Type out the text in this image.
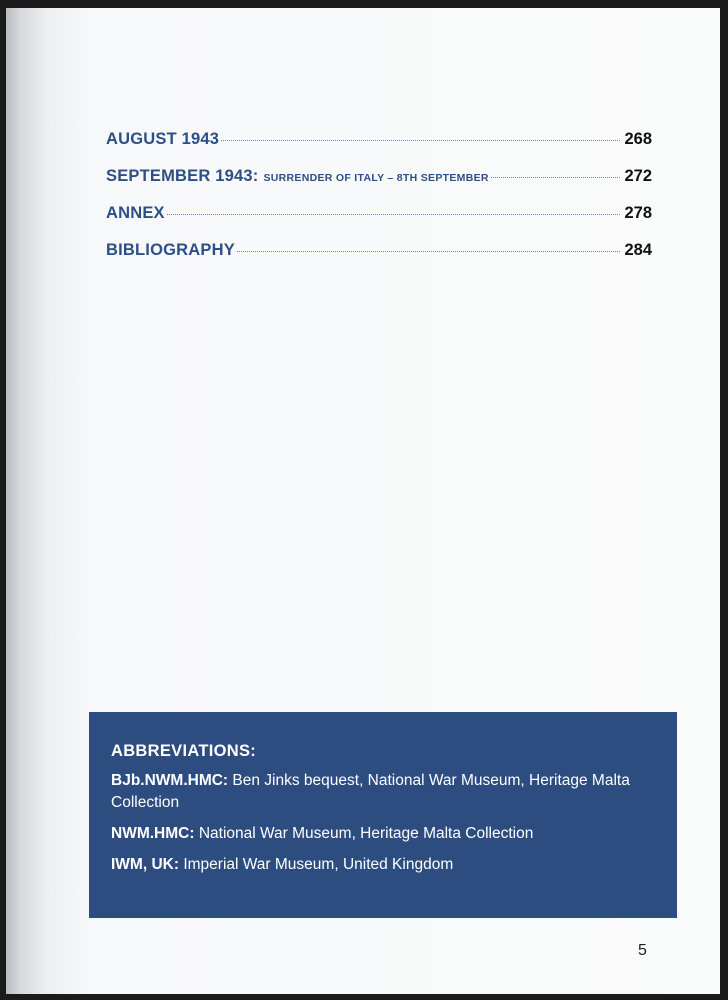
AUGUST 1943	268
SEPTEMBER 1943: SURRENDER OF ITALY – 8TH SEPTEMBER	272
ANNEX	278
BIBLIOGRAPHY	284
ABBREVIATIONS:
BJb.NWM.HMC: Ben Jinks bequest, National War Museum, Heritage Malta Collection
NWM.HMC: National War Museum, Heritage Malta Collection
IWM, UK: Imperial War Museum, United Kingdom
5
